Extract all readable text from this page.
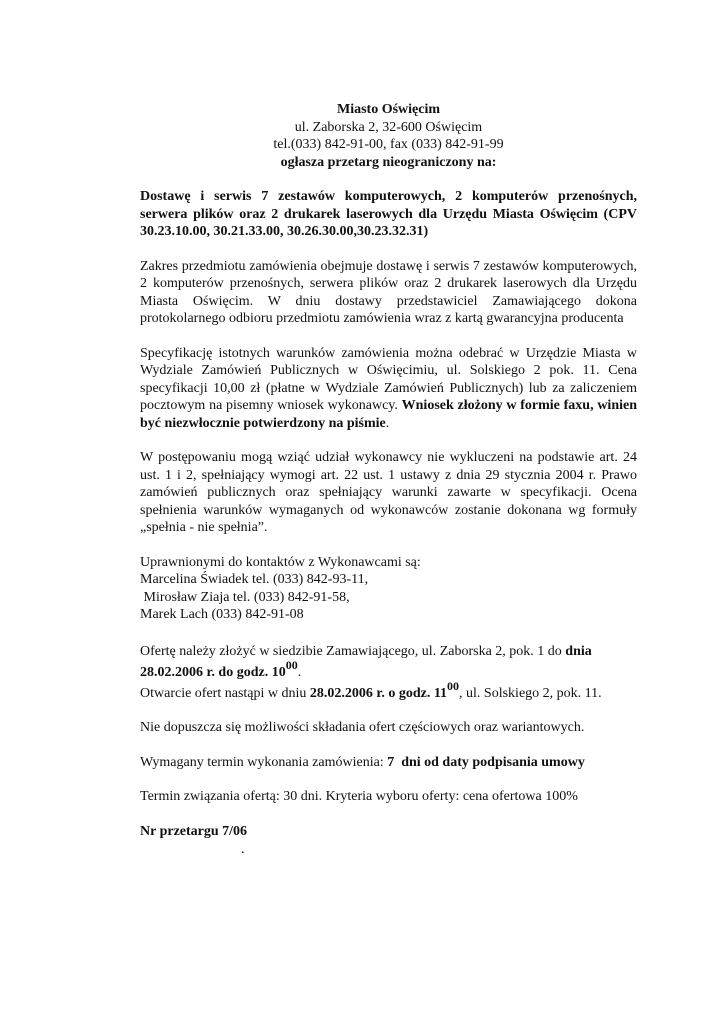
Miasto Oświęcim

ul. Zaborska 2, 32-600 Oświęcim

tel.(033) 842-91-00, fax (033) 842-91-99

ogłasza przetarg nieograniczony na:

Dostawę i serwis 7 zestawów komputerowych, 2 komputerów przenośnych, serwera plików oraz 2 drukarek laserowych dla Urzędu Miasta Oświęcim (CPV 30.23.10.00, 30.21.33.00, 30.26.30.00,30.23.32.31)

Zakres przedmiotu zamówienia obejmuje dostawę i serwis 7 zestawów komputerowych, 2 komputerów przenośnych, serwera plików oraz 2 drukarek laserowych dla Urzędu Miasta Oświęcim. W dniu dostawy przedstawiciel Zamawiającego dokona protokolarnego odbioru przedmiotu zamówienia wraz z kartą gwarancyjna producenta

Specyfikację istotnych warunków zamówienia można odebrać w Urzędzie Miasta w Wydziale Zamówień Publicznych w Oświęcimiu, ul. Solskiego 2 pok. 11. Cena specyfikacji 10,00 zł (płatne w Wydziale Zamówień Publicznych) lub za zaliczeniem pocztowym na pisemny wniosek wykonawcy. Wniosek złożony w formie faxu, winien być niezwłocznie potwierdzony na piśmie.

W postępowaniu mogą wziąć udział wykonawcy nie wykluczeni na podstawie art. 24 ust. 1 i 2, spełniający wymogi art. 22 ust. 1 ustawy z dnia 29 stycznia 2004 r. Prawo zamówień publicznych oraz spełniający warunki zawarte w specyfikacji. Ocena spełnienia warunków wymaganych od wykonawców zostanie dokonana wg formuły „spełnia - nie spełnia”.

Uprawnionymi do kontaktów z Wykonawcami są:

Marcelina Świadek tel. (033) 842-93-11,

Mirosław Ziaja tel. (033) 842-91-58,

Marek Lach (033) 842-91-08

Ofertę należy złożyć w siedzibie Zamawiającego, ul. Zaborska 2, pok. 1 do dnia
28.02.2006 r. do godz. $10^{00}$.

Otwarcie ofert nastąpi w dniu 28.02.2006 r. o godz. $11^{00}$, ul. Solskiego 2, pok. 11.

Nie dopuszcza się możliwości składania ofert częściowych oraz wariantowych.

Wymagany termin wykonania zamówienia: 7  dni od daty podpisania umowy

Termin związania ofertą: 30 dni. Kryteria wyboru oferty: cena ofertowa 100%

Nr przetargu 7/06

.
